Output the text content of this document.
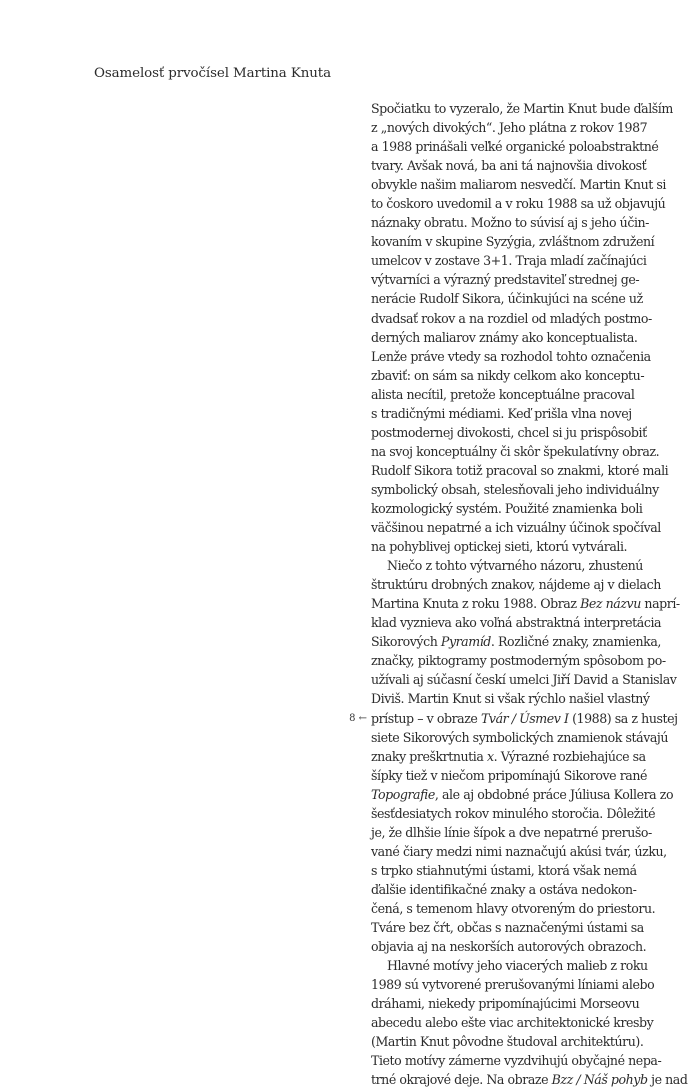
Osamelosť prvočísel Martina Knuta
Spočiatku to vyzeralo, že Martin Knut bude ďalším
z „nových divokých“. Jeho plátna z rokov 1987
a 1988 prinášali veľké organické poloabstraktné
tvary. Avšak nová, ba ani tá najnovšia divokosť
obvykle našim maliarom nesvedčí. Martin Knut si
to čoskoro uvedomil a v roku 1988 sa už objavujú
náznaky obratu. Možno to súvisí aj s jeho účin-
kovaním v skupine Syzýgia, zvláštnom združení
umelcov v zostave 3+1. Traja mladí začínajúci
výtvarníci a výrazný predstaviteľ strednej ge-
nerácie Rudolf Sikora, účinkujúci na scéne už
dvadsať rokov a na rozdiel od mladých postmo-
derných maliarov známy ako konceptualista.
Lenže práve vtedy sa rozhodol tohto označenia
zbaviť: on sám sa nikdy celkom ako konceptu-
alista necítil, pretože konceptuálne pracoval
s tradičnými médiami. Keď prišla vlna novej
postmodernej divokosti, chcel si ju prispôsobiť
na svoj konceptuálny či skôr špekulatívny obraz.
Rudolf Sikora totiž pracoval so znakmi, ktoré mali
symbolický obsah, stelesňovali jeho individuálny
kozmologický systém. Použité znamienka boli
väčšinou nepatrné a ich vizuálny účinok spočíval
na pohyblivej optickej sieti, ktorú vytvárali.
Niečo z tohto výtvarného názoru, zhustenú
štruktúru drobných znakov, nájdeme aj v dielach
Martina Knuta z roku 1988. Obraz Bez názvu naprí-
klad vyznieva ako voľná abstraktná interpretácia
Sikorových Pyramíd. Rozličné znaky, znamienka,
značky, piktogramy postmoderným spôsobom po-
užívali aj súčasní českí umelci Jiří David a Stanislav
Diviš. Martin Knut si však rýchlo našiel vlastný
8 ← prístup – v obraze Tvár / Úsmev I (1988) sa z hustej
siete Sikorových symbolických znamienok stávajú
znaky preškrtnutia x. Výrazné rozbiehajúce sa
šípky tiež v niečom pripomínajú Sikorove rané
Topografie, ale aj obdobné práce Júliusa Kollera zo
šesťdesiatych rokov minulého storočia. Dôležité
je, že dlhšie línie šípok a dve nepatrné prerušo-
vané čiary medzi nimi naznačujú akúsi tvár, úzku,
s trpko stiahnutými ústami, ktorá však nemá
ďalšie identifikačné znaky a ostáva nedokon-
čená, s temenom hlavy otvoreným do priestoru.
Tváre bez čŕt, občas s naznačenými ústami sa
objavia aj na neskorších autorových obrazoch.
Hlavné motívy jeho viacerých malieb z roku
1989 sú vytvorené prerušovanými líniami alebo
dráhami, niekedy pripomínajúcimi Morseovu
abecedu alebo ešte viac architektonické kresby
(Martin Knut pôvodne študoval architektúru).
Tieto motívy zámerne vyzdvihujú obyčajné nepa-
trné okrajové deje. Na obraze Bzz / Náš pohyb je nad
